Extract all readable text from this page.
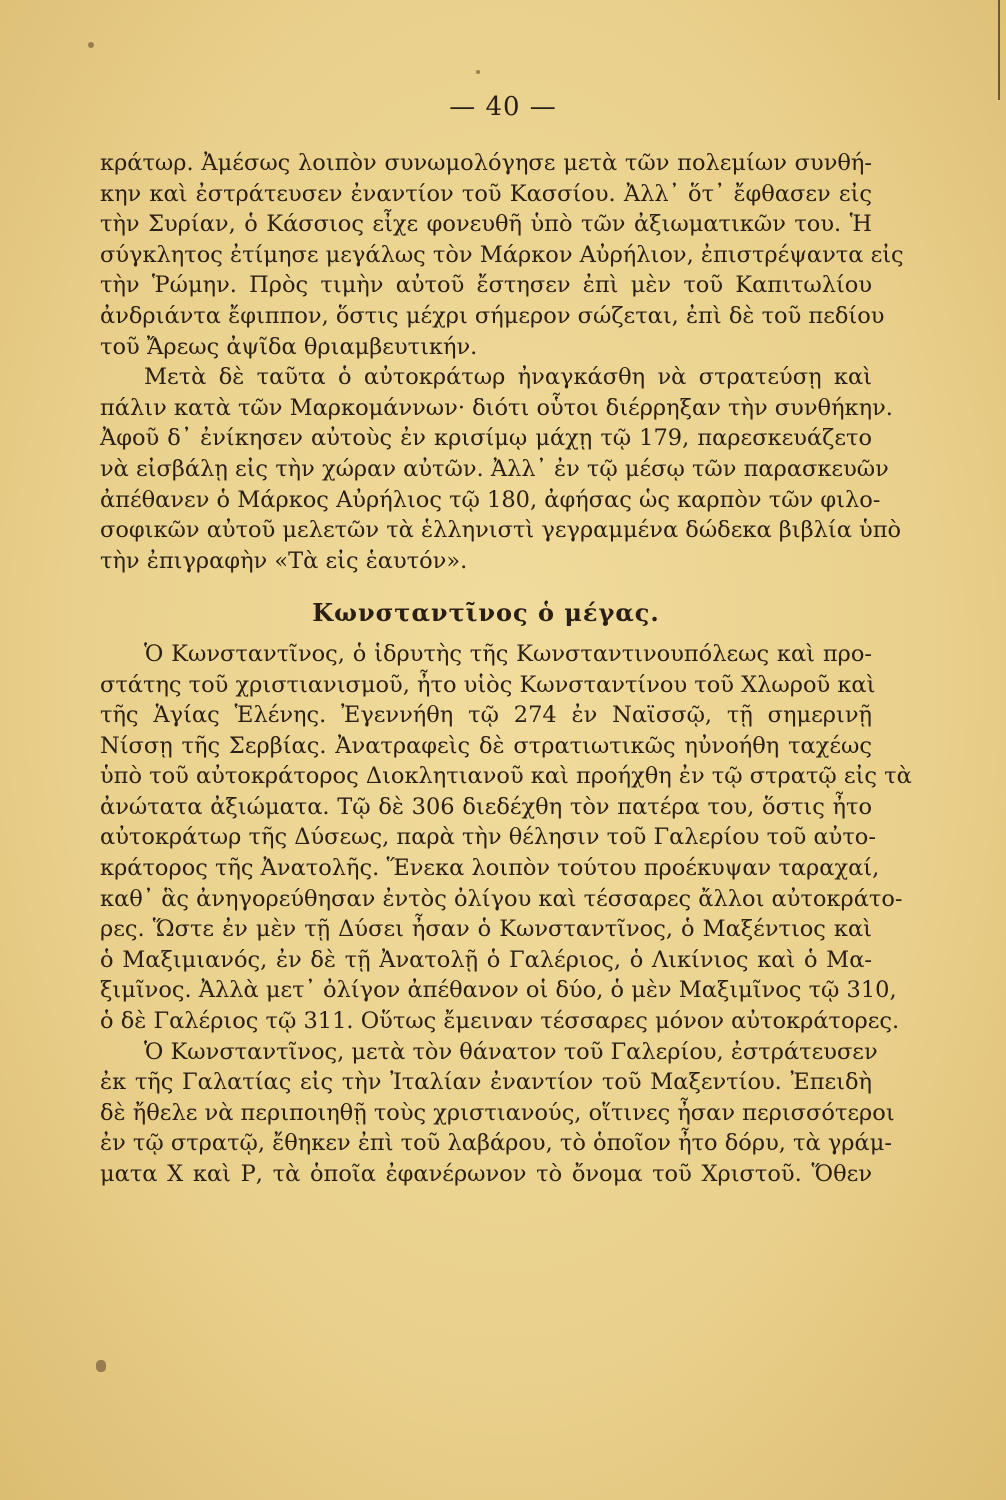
— 40 —
κράτωρ. Ἀμέσως λοιπὸν συνωμολόγησε μετὰ τῶν πολεμίων συνθή-
κην καὶ ἐστράτευσεν ἐναντίον τοῦ Κασσίου. Ἀλλ᾽ ὅτ᾽ ἔφθασεν εἰς
τὴν Συρίαν, ὁ Κάσσιος εἶχε φονευθῆ ὑπὸ τῶν ἀξιωματικῶν του. Ἡ
σύγκλητος ἐτίμησε μεγάλως τὸν Μάρκον Αὐρήλιον, ἐπιστρέψαντα εἰς
τὴν Ῥώμην. Πρὸς τιμὴν αὐτοῦ ἔστησεν ἐπὶ μὲν τοῦ Καπιτωλίου
ἀνδριάντα ἔφιππον, ὅστις μέχρι σήμερον σώζεται, ἐπὶ δὲ τοῦ πεδίου
τοῦ Ἄρεως ἀψῖδα θριαμβευτικήν.
Μετὰ δὲ ταῦτα ὁ αὐτοκράτωρ ἠναγκάσθη νὰ στρατεύσῃ καὶ
πάλιν κατὰ τῶν Μαρκομάννων· διότι οὗτοι διέρρηξαν τὴν συνθήκην.
Ἀφοῦ δ᾽ ἐνίκησεν αὐτοὺς ἐν κρισίμῳ μάχῃ τῷ 179, παρεσκευάζετο
νὰ εἰσβάλῃ εἰς τὴν χώραν αὐτῶν. Ἀλλ᾽ ἐν τῷ μέσῳ τῶν παρασκευῶν
ἀπέθανεν ὁ Μάρκος Αὐρήλιος τῷ 180, ἀφήσας ὡς καρπὸν τῶν φιλο-
σοφικῶν αὐτοῦ μελετῶν τὰ ἑλληνιστὶ γεγραμμένα δώδεκα βιβλία ὑπὸ
τὴν ἐπιγραφὴν «Τὰ εἰς ἑαυτόν».
Κωνσταντῖνος ὁ μέγας.
Ὁ Κωνσταντῖνος, ὁ ἱδρυτὴς τῆς Κωνσταντινουπόλεως καὶ προ-
στάτης τοῦ χριστιανισμοῦ, ἦτο υἱὸς Κωνσταντίνου τοῦ Χλωροῦ καὶ
τῆς Ἁγίας Ἑλένης. Ἐγεννήθη τῷ 274 ἐν Ναϊσσῷ, τῇ σημερινῇ
Νίσσῃ τῆς Σερβίας. Ἀνατραφεὶς δὲ στρατιωτικῶς ηὐνοήθη ταχέως
ὑπὸ τοῦ αὐτοκράτορος Διοκλητιανοῦ καὶ προήχθη ἐν τῷ στρατῷ εἰς τὰ
ἀνώτατα ἀξιώματα. Τῷ δὲ 306 διεδέχθη τὸν πατέρα του, ὅστις ἦτο
αὐτοκράτωρ τῆς Δύσεως, παρὰ τὴν θέλησιν τοῦ Γαλερίου τοῦ αὐτο-
κράτορος τῆς Ἀνατολῆς. Ἕνεκα λοιπὸν τούτου προέκυψαν ταραχαί,
καθ᾽ ἃς ἀνηγορεύθησαν ἐντὸς ὀλίγου καὶ τέσσαρες ἄλλοι αὐτοκράτο-
ρες. Ὥστε ἐν μὲν τῇ Δύσει ἦσαν ὁ Κωνσταντῖνος, ὁ Μαξέντιος καὶ
ὁ Μαξιμιανός, ἐν δὲ τῇ Ἀνατολῇ ὁ Γαλέριος, ὁ Λικίνιος καὶ ὁ Μα-
ξιμῖνος. Ἀλλὰ μετ᾽ ὀλίγον ἀπέθανον οἱ δύο, ὁ μὲν Μαξιμῖνος τῷ 310,
ὁ δὲ Γαλέριος τῷ 311. Οὕτως ἔμειναν τέσσαρες μόνον αὐτοκράτορες.
Ὁ Κωνσταντῖνος, μετὰ τὸν θάνατον τοῦ Γαλερίου, ἐστράτευσεν
ἐκ τῆς Γαλατίας εἰς τὴν Ἰταλίαν ἐναντίον τοῦ Μαξεντίου. Ἐπειδὴ
δὲ ἤθελε νὰ περιποιηθῇ τοὺς χριστιανούς, οἵτινες ἦσαν περισσότεροι
ἐν τῷ στρατῷ, ἔθηκεν ἐπὶ τοῦ λαβάρου, τὸ ὁποῖον ἦτο δόρυ, τὰ γράμ-
ματα Χ καὶ Ρ, τὰ ὁποῖα ἐφανέρωνον τὸ ὄνομα τοῦ Χριστοῦ. Ὅθεν
